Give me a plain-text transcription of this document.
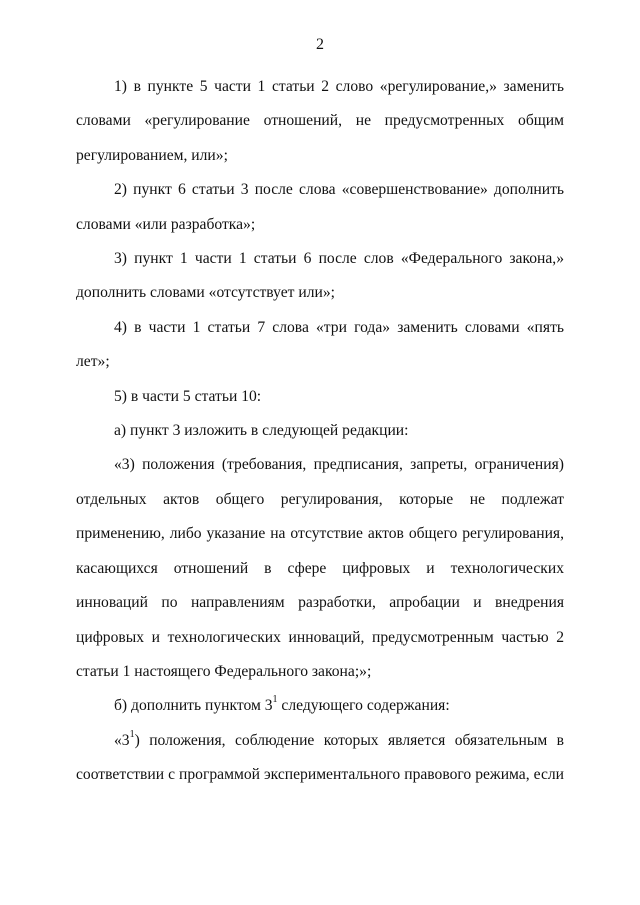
2

1) в пункте 5 части 1 статьи 2 слово «регулирование,» заменить словами «регулирование отношений, не предусмотренных общим регулированием, или»;

2) пункт 6 статьи 3 после слова «совершенствование» дополнить словами «или разработка»;

3) пункт 1 части 1 статьи 6 после слов «Федерального закона,» дополнить словами «отсутствует или»;

4) в части 1 статьи 7 слова «три года» заменить словами «пять лет»;

5) в части 5 статьи 10:

а) пункт 3 изложить в следующей редакции:

«3) положения (требования, предписания, запреты, ограничения) отдельных актов общего регулирования, которые не подлежат применению, либо указание на отсутствие актов общего регулирования, касающихся отношений в сфере цифровых и технологических инноваций по направлениям разработки, апробации и внедрения цифровых и технологических инноваций, предусмотренным частью 2 статьи 1 настоящего Федерального закона;»;

б) дополнить пунктом $3^1$ следующего содержания:

«$3^1$) положения, соблюдение которых является обязательным в соответствии с программой экспериментального правового режима, если
